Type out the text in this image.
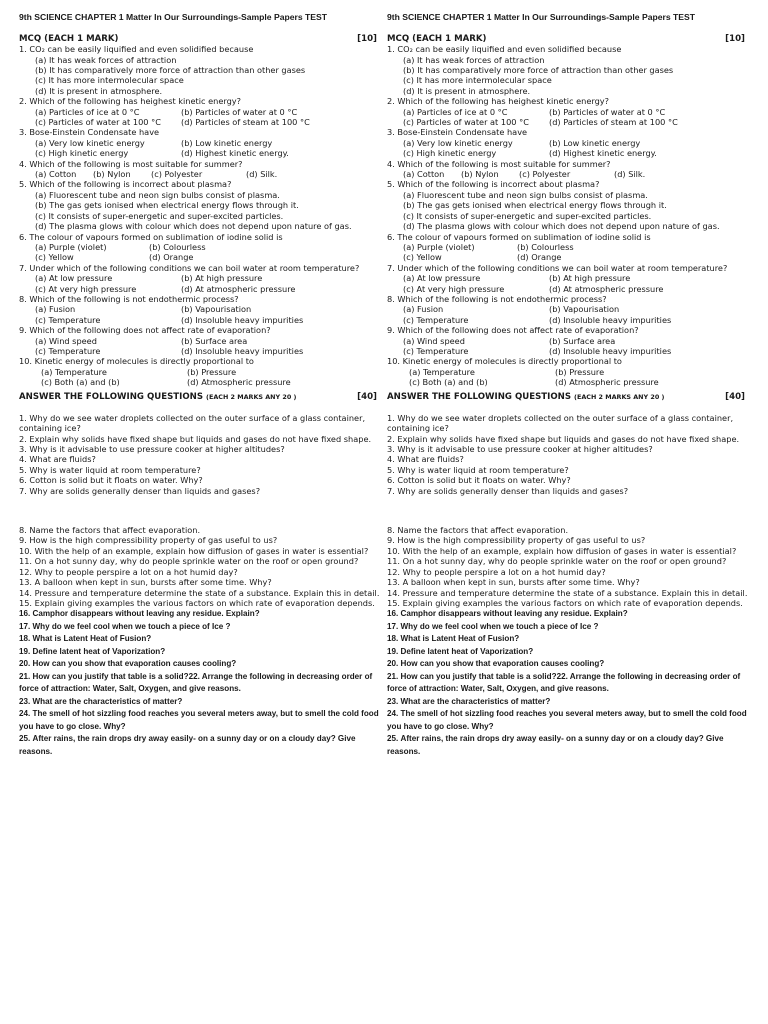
9th SCIENCE CHAPTER 1 Matter In Our Surroundings-Sample Papers TEST
MCQ (EACH 1 MARK)	[10]
1. CO₂ can be easily liquified and even solidified because
(a) It has weak forces of attraction
(b) It has comparatively more force of attraction than other gases
(c) It has more intermolecular space
(d) It is present in atmosphere.
2. Which of the following has heighest kinetic energy?
(a) Particles of ice at 0 °C	(b) Particles of water at 0 °C
(c) Particles of water at 100 °C	(d) Particles of steam at 100 °C
3. Bose-Einstein Condensate have
(a) Very low kinetic energy	(b) Low kinetic energy
(c) High kinetic energy	(d) Highest kinetic energy.
4. Which of the following is most suitable for summer?
(a) Cotton	(b) Nylon	(c) Polyester	(d) Silk.
5. Which of the following is incorrect about plasma?
(a) Fluorescent tube and neon sign bulbs consist of plasma.
(b) The gas gets ionised when electrical energy flows through it.
(c) It consists of super-energetic and super-excited particles.
(d) The plasma glows with colour which does not depend upon nature of gas.
6. The colour of vapours formed on sublimation of iodine solid is
(a) Purple (violet)	(b) Colourless
(c) Yellow	(d) Orange
7. Under which of the following conditions we can boil water at room temperature?
(a) At low pressure	(b) At high pressure
(c) At very high pressure	(d) At atmospheric pressure
8. Which of the following is not endothermic process?
(a) Fusion	(b) Vapourisation
(c) Temperature	(d) Insoluble heavy impurities
9. Which of the following does not affect rate of evaporation?
(a) Wind speed	(b) Surface area
(c) Temperature	(d) Insoluble heavy impurities
10. Kinetic energy of molecules is directly proportional to
(a) Temperature	(b) Pressure
(c) Both (a) and (b)	(d) Atmospheric pressure
ANSWER THE FOLLOWING QUESTIONS (EACH 2 MARKS ANY 20 )	[40]
1. Why do we see water droplets collected on the outer surface of a glass container, containing ice?
2. Explain why solids have fixed shape but liquids and gases do not have fixed shape.
3. Why is it advisable to use pressure cooker at higher altitudes?
4. What are fluids?
5. Why is water liquid at room temperature?
6. Cotton is solid but it floats on water. Why?
7. Why are solids generally denser than liquids and gases?
8. Name the factors that affect evaporation.
9. How is the high compressibility property of gas useful to us?
10. With the help of an example, explain how diffusion of gases in water is essential?
11. On a hot sunny day, why do people sprinkle water on the roof or open ground?
12. Why to people perspire a lot on a hot humid day?
13. A balloon when kept in sun, bursts after some time. Why?
14. Pressure and temperature determine the state of a substance. Explain this in detail.
15. Explain giving examples the various factors on which rate of evaporation depends.
16. Camphor disappears without leaving any residue. Explain?
17. Why do we feel cool when we touch a piece of Ice ?
18. What is Latent Heat of Fusion?
19. Define latent heat of Vaporization?
20. How can you show that evaporation causes cooling?
21. How can you justify that table is a solid?22. Arrange the following in decreasing order of force of attraction: Water, Salt, Oxygen, and give reasons.
23. What are the characteristics of matter?
24. The smell of hot sizzling food reaches you several meters away, but to smell the cold food you have to go close. Why?
25. After rains, the rain drops dry away easily- on a sunny day or on a cloudy day? Give reasons.
9th SCIENCE CHAPTER 1 Matter In Our Surroundings-Sample Papers TEST
MCQ (EACH 1 MARK)	[10]
1. CO₂ can be easily liquified and even solidified because
(a) It has weak forces of attraction
(b) It has comparatively more force of attraction than other gases
(c) It has more intermolecular space
(d) It is present in atmosphere.
2. Which of the following has heighest kinetic energy?
(a) Particles of ice at 0 °C	(b) Particles of water at 0 °C
(c) Particles of water at 100 °C	(d) Particles of steam at 100 °C
3. Bose-Einstein Condensate have
(a) Very low kinetic energy	(b) Low kinetic energy
(c) High kinetic energy	(d) Highest kinetic energy.
4. Which of the following is most suitable for summer?
(a) Cotton	(b) Nylon	(c) Polyester	(d) Silk.
5. Which of the following is incorrect about plasma?
(a) Fluorescent tube and neon sign bulbs consist of plasma.
(b) The gas gets ionised when electrical energy flows through it.
(c) It consists of super-energetic and super-excited particles.
(d) The plasma glows with colour which does not depend upon nature of gas.
6. The colour of vapours formed on sublimation of iodine solid is
(a) Purple (violet)	(b) Colourless
(c) Yellow	(d) Orange
7. Under which of the following conditions we can boil water at room temperature?
(a) At low pressure	(b) At high pressure
(c) At very high pressure	(d) At atmospheric pressure
8. Which of the following is not endothermic process?
(a) Fusion	(b) Vapourisation
(c) Temperature	(d) Insoluble heavy impurities
9. Which of the following does not affect rate of evaporation?
(a) Wind speed	(b) Surface area
(c) Temperature	(d) Insoluble heavy impurities
10. Kinetic energy of molecules is directly proportional to
(a) Temperature	(b) Pressure
(c) Both (a) and (b)	(d) Atmospheric pressure
ANSWER THE FOLLOWING QUESTIONS (EACH 2 MARKS ANY 20 )	[40]
1. Why do we see water droplets collected on the outer surface of a glass container, containing ice?
2. Explain why solids have fixed shape but liquids and gases do not have fixed shape.
3. Why is it advisable to use pressure cooker at higher altitudes?
4. What are fluids?
5. Why is water liquid at room temperature?
6. Cotton is solid but it floats on water. Why?
7. Why are solids generally denser than liquids and gases?
8. Name the factors that affect evaporation.
9. How is the high compressibility property of gas useful to us?
10. With the help of an example, explain how diffusion of gases in water is essential?
11. On a hot sunny day, why do people sprinkle water on the roof or open ground?
12. Why to people perspire a lot on a hot humid day?
13. A balloon when kept in sun, bursts after some time. Why?
14. Pressure and temperature determine the state of a substance. Explain this in detail.
15. Explain giving examples the various factors on which rate of evaporation depends.
16. Camphor disappears without leaving any residue. Explain?
17. Why do we feel cool when we touch a piece of Ice ?
18. What is Latent Heat of Fusion?
19. Define latent heat of Vaporization?
20. How can you show that evaporation causes cooling?
21. How can you justify that table is a solid?22. Arrange the following in decreasing order of force of attraction: Water, Salt, Oxygen, and give reasons.
23. What are the characteristics of matter?
24. The smell of hot sizzling food reaches you several meters away, but to smell the cold food you have to go close. Why?
25. After rains, the rain drops dry away easily- on a sunny day or on a cloudy day? Give reasons.
